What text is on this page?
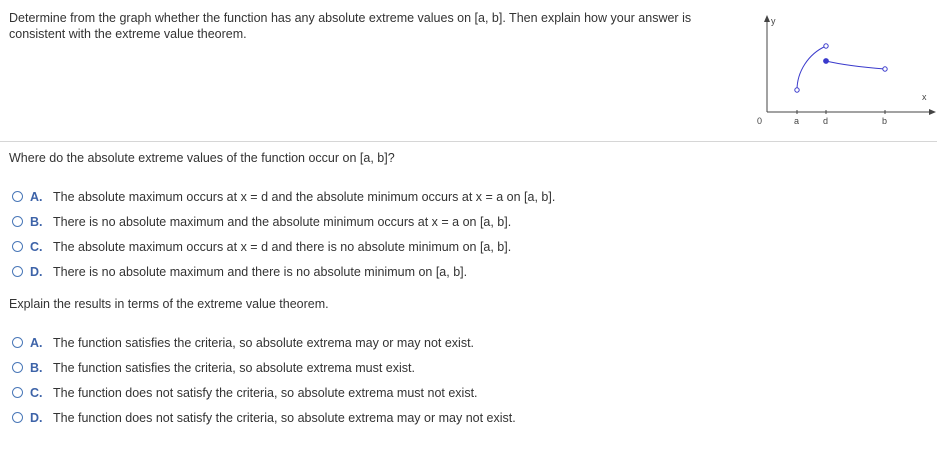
Determine from the graph whether the function has any absolute extreme values on [a, b]. Then explain how your answer is consistent with the extreme value theorem.
y
x
0	a	d	b
Where do the absolute extreme values of the function occur on [a, b]?
A. The absolute maximum occurs at x = d and the absolute minimum occurs at x = a on [a, b].
B. There is no absolute maximum and the absolute minimum occurs at x = a on [a, b].
C. The absolute maximum occurs at x = d and there is no absolute minimum on [a, b].
D. There is no absolute maximum and there is no absolute minimum on [a, b].
Explain the results in terms of the extreme value theorem.
A. The function satisfies the criteria, so absolute extrema may or may not exist.
B. The function satisfies the criteria, so absolute extrema must exist.
C. The function does not satisfy the criteria, so absolute extrema must not exist.
D. The function does not satisfy the criteria, so absolute extrema may or may not exist.
